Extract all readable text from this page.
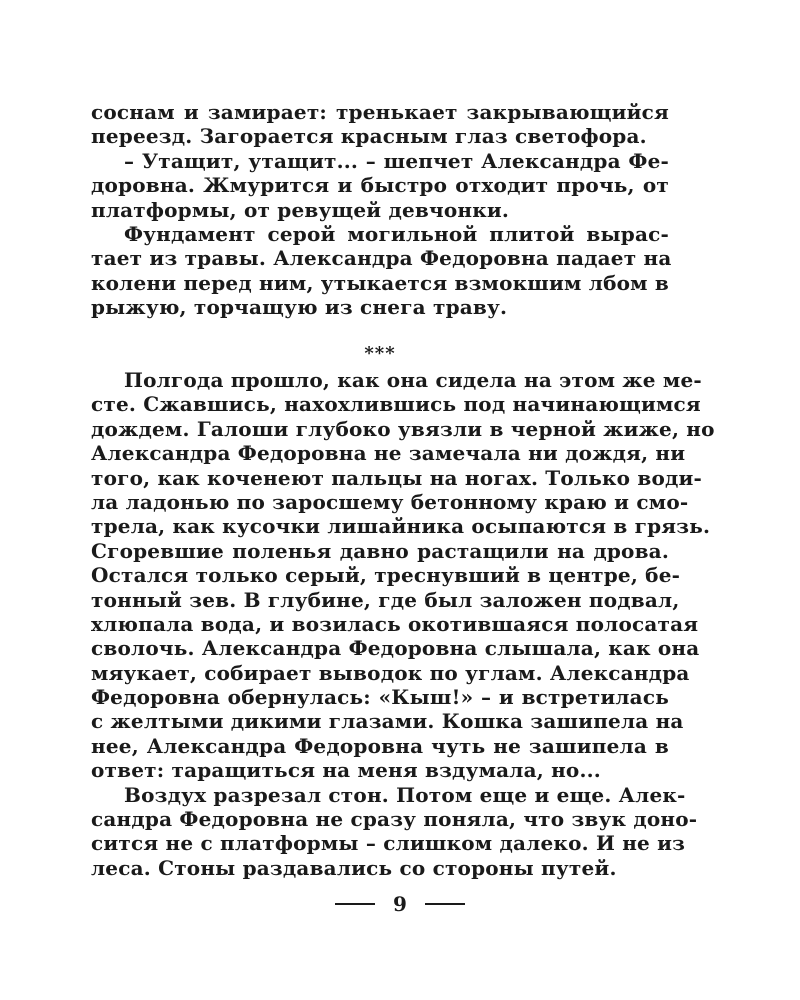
соснам и замирает: тренькает закрывающийся
переезд. Загорается красным глаз светофора.
– Утащит, утащит... – шепчет Александра Фе-
доровна. Жмурится и быстро отходит прочь, от
платформы, от ревущей девчонки.
Фундамент серой могильной плитой вырас-
тает из травы. Александра Федоровна падает на
колени перед ним, утыкается взмокшим лбом в
рыжую, торчащую из снега траву.
***
Полгода прошло, как она сидела на этом же ме-
сте. Сжавшись, нахохлившись под начинающимся
дождем. Галоши глубоко увязли в черной жиже, но
Александра Федоровна не замечала ни дождя, ни
того, как коченеют пальцы на ногах. Только води-
ла ладонью по заросшему бетонному краю и смо-
трела, как кусочки лишайника осыпаются в грязь.
Сгоревшие поленья давно растащили на дрова.
Остался только серый, треснувший в центре, бе-
тонный зев. В глубине, где был заложен подвал,
хлюпала вода, и возилась окотившаяся полосатая
сволочь. Александра Федоровна слышала, как она
мяукает, собирает выводок по углам. Александра
Федоровна обернулась: «Кыш!» – и встретилась
с желтыми дикими глазами. Кошка зашипела на
нее, Александра Федоровна чуть не зашипела в
ответ: таращиться на меня вздумала, но...
Воздух разрезал стон. Потом еще и еще. Алек-
сандра Федоровна не сразу поняла, что звук доно-
сится не с платформы – слишком далеко. И не из
леса. Стоны раздавались со стороны путей.
9
